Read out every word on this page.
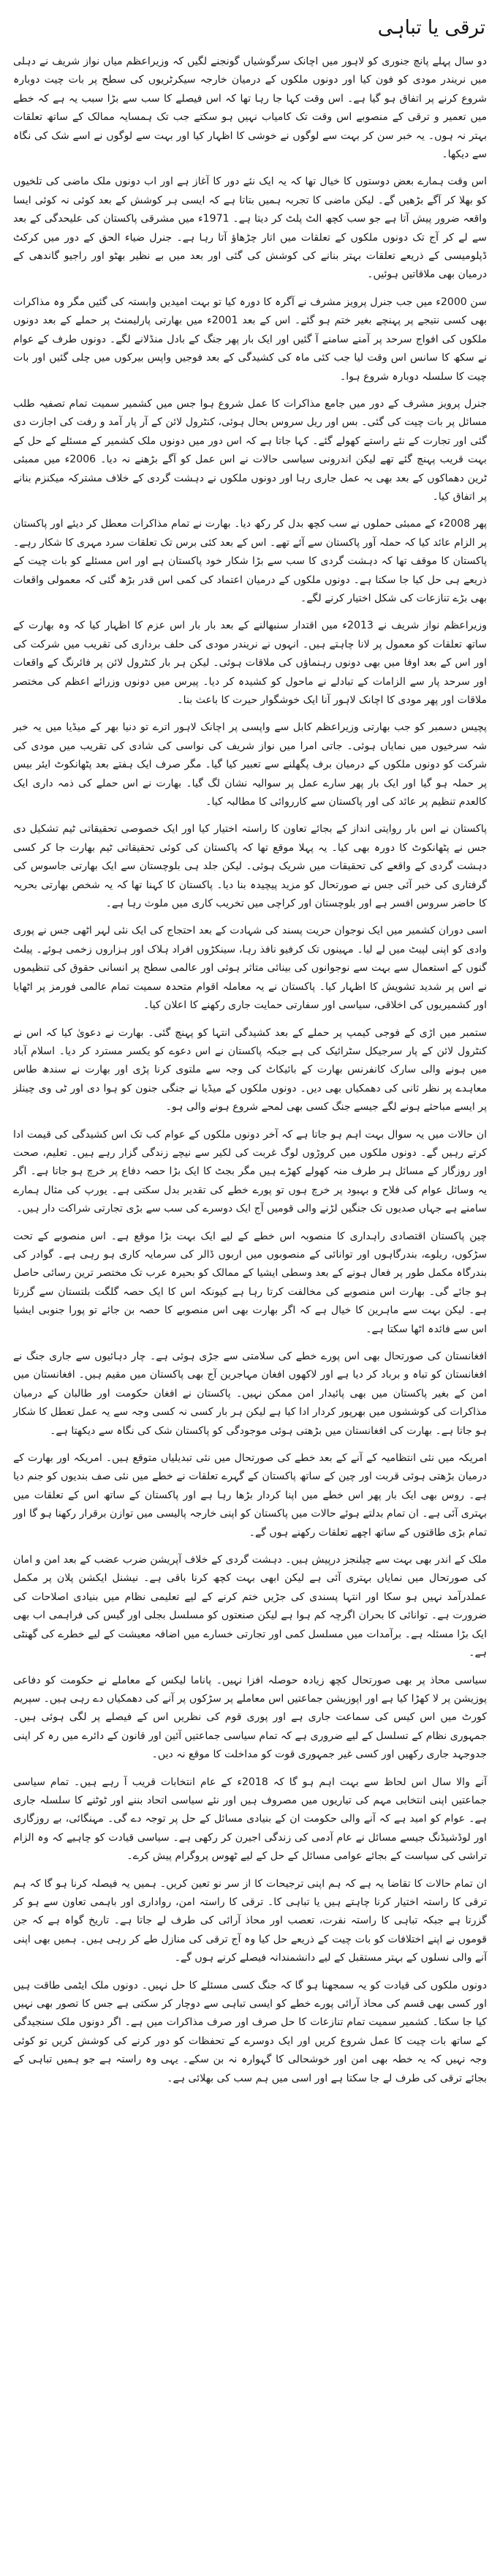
ترقی یا تباہی

دو سال پہلے پانچ جنوری کو لاہور میں اچانک سرگوشیاں گونجنے لگیں کہ وزیراعظم میاں نواز شریف نے دہلی میں نریندر مودی کو فون کیا اور دونوں ملکوں کے درمیان خارجہ سیکرٹریوں کی سطح پر بات چیت دوبارہ شروع کرنے پر اتفاق ہو گیا ہے۔ اس وقت کہا جا رہا تھا کہ اس فیصلے کا سب سے بڑا سبب یہ ہے کہ خطے میں تعمیر و ترقی کے منصوبے اس وقت تک کامیاب نہیں ہو سکتے جب تک ہمسایہ ممالک کے ساتھ تعلقات بہتر نہ ہوں۔ یہ خبر سن کر بہت سے لوگوں نے خوشی کا اظہار کیا اور بہت سے لوگوں نے اسے شک کی نگاہ سے دیکھا۔

اس وقت ہمارے بعض دوستوں کا خیال تھا کہ یہ ایک نئے دور کا آغاز ہے اور اب دونوں ملک ماضی کی تلخیوں کو بھلا کر آگے بڑھیں گے۔ لیکن ماضی کا تجربہ ہمیں بتاتا ہے کہ ایسی ہر کوشش کے بعد کوئی نہ کوئی ایسا واقعہ ضرور پیش آتا ہے جو سب کچھ الٹ پلٹ کر دیتا ہے۔ 1971ء میں مشرقی پاکستان کی علیحدگی کے بعد سے لے کر آج تک دونوں ملکوں کے تعلقات میں اتار چڑھاؤ آتا رہا ہے۔ جنرل ضیاء الحق کے دور میں کرکٹ ڈپلومیسی کے ذریعے تعلقات بہتر بنانے کی کوشش کی گئی اور بعد میں بے نظیر بھٹو اور راجیو گاندھی کے درمیان بھی ملاقاتیں ہوئیں۔

سن 2000ء میں جب جنرل پرویز مشرف نے آگرہ کا دورہ کیا تو بہت امیدیں وابستہ کی گئیں مگر وہ مذاکرات بھی کسی نتیجے پر پہنچے بغیر ختم ہو گئے۔ اس کے بعد 2001ء میں بھارتی پارلیمنٹ پر حملے کے بعد دونوں ملکوں کی افواج سرحد پر آمنے سامنے آ گئیں اور ایک بار پھر جنگ کے بادل منڈلانے لگے۔ دونوں طرف کے عوام نے سکھ کا سانس اس وقت لیا جب کئی ماہ کی کشیدگی کے بعد فوجیں واپس بیرکوں میں چلی گئیں اور بات چیت کا سلسلہ دوبارہ شروع ہوا۔

جنرل پرویز مشرف کے دور میں جامع مذاکرات کا عمل شروع ہوا جس میں کشمیر سمیت تمام تصفیہ طلب مسائل پر بات چیت کی گئی۔ بس اور ریل سروس بحال ہوئی، کنٹرول لائن کے آر پار آمد و رفت کی اجازت دی گئی اور تجارت کے نئے راستے کھولے گئے۔ کہا جاتا ہے کہ اس دور میں دونوں ملک کشمیر کے مسئلے کے حل کے بہت قریب پہنچ گئے تھے لیکن اندرونی سیاسی حالات نے اس عمل کو آگے بڑھنے نہ دیا۔ 2006ء میں ممبئی ٹرین دھماکوں کے بعد بھی یہ عمل جاری رہا اور دونوں ملکوں نے دہشت گردی کے خلاف مشترکہ میکنزم بنانے پر اتفاق کیا۔

پھر 2008ء کے ممبئی حملوں نے سب کچھ بدل کر رکھ دیا۔ بھارت نے تمام مذاکرات معطل کر دیئے اور پاکستان پر الزام عائد کیا کہ حملہ آور پاکستان سے آئے تھے۔ اس کے بعد کئی برس تک تعلقات سرد مہری کا شکار رہے۔ پاکستان کا موقف تھا کہ دہشت گردی کا سب سے بڑا شکار خود پاکستان ہے اور اس مسئلے کو بات چیت کے ذریعے ہی حل کیا جا سکتا ہے۔ دونوں ملکوں کے درمیان اعتماد کی کمی اس قدر بڑھ گئی کہ معمولی واقعات بھی بڑے تنازعات کی شکل اختیار کرنے لگے۔

وزیراعظم نواز شریف نے 2013ء میں اقتدار سنبھالنے کے بعد بار بار اس عزم کا اظہار کیا کہ وہ بھارت کے ساتھ تعلقات کو معمول پر لانا چاہتے ہیں۔ انہوں نے نریندر مودی کی حلف برداری کی تقریب میں شرکت کی اور اس کے بعد اوفا میں بھی دونوں رہنماؤں کی ملاقات ہوئی۔ لیکن ہر بار کنٹرول لائن پر فائرنگ کے واقعات اور سرحد پار سے الزامات کے تبادلے نے ماحول کو کشیدہ کر دیا۔ پیرس میں دونوں وزرائے اعظم کی مختصر ملاقات اور پھر مودی کا اچانک لاہور آنا ایک خوشگوار حیرت کا باعث بنا۔

پچیس دسمبر کو جب بھارتی وزیراعظم کابل سے واپسی پر اچانک لاہور اترے تو دنیا بھر کے میڈیا میں یہ خبر شہ سرخیوں میں نمایاں ہوئی۔ جاتی امرا میں نواز شریف کی نواسی کی شادی کی تقریب میں مودی کی شرکت کو دونوں ملکوں کے درمیان برف پگھلنے سے تعبیر کیا گیا۔ مگر صرف ایک ہفتے بعد پٹھانکوٹ ایئر بیس پر حملہ ہو گیا اور ایک بار پھر سارے عمل پر سوالیہ نشان لگ گیا۔ بھارت نے اس حملے کی ذمہ داری ایک کالعدم تنظیم پر عائد کی اور پاکستان سے کارروائی کا مطالبہ کیا۔

پاکستان نے اس بار روایتی انداز کے بجائے تعاون کا راستہ اختیار کیا اور ایک خصوصی تحقیقاتی ٹیم تشکیل دی جس نے پٹھانکوٹ کا دورہ بھی کیا۔ یہ پہلا موقع تھا کہ پاکستان کی کوئی تحقیقاتی ٹیم بھارت جا کر کسی دہشت گردی کے واقعے کی تحقیقات میں شریک ہوئی۔ لیکن جلد ہی بلوچستان سے ایک بھارتی جاسوس کی گرفتاری کی خبر آئی جس نے صورتحال کو مزید پیچیدہ بنا دیا۔ پاکستان کا کہنا تھا کہ یہ شخص بھارتی بحریہ کا حاضر سروس افسر ہے اور بلوچستان اور کراچی میں تخریب کاری میں ملوث رہا ہے۔

اسی دوران کشمیر میں ایک نوجوان حریت پسند کی شہادت کے بعد احتجاج کی ایک نئی لہر اٹھی جس نے پوری وادی کو اپنی لپیٹ میں لے لیا۔ مہینوں تک کرفیو نافذ رہا، سینکڑوں افراد ہلاک اور ہزاروں زخمی ہوئے۔ پیلٹ گنوں کے استعمال سے بہت سے نوجوانوں کی بینائی متاثر ہوئی اور عالمی سطح پر انسانی حقوق کی تنظیموں نے اس پر شدید تشویش کا اظہار کیا۔ پاکستان نے یہ معاملہ اقوام متحدہ سمیت تمام عالمی فورمز پر اٹھایا اور کشمیریوں کی اخلاقی، سیاسی اور سفارتی حمایت جاری رکھنے کا اعلان کیا۔

ستمبر میں اڑی کے فوجی کیمپ پر حملے کے بعد کشیدگی انتہا کو پہنچ گئی۔ بھارت نے دعویٰ کیا کہ اس نے کنٹرول لائن کے پار سرجیکل سٹرائیک کی ہے جبکہ پاکستان نے اس دعوے کو یکسر مسترد کر دیا۔ اسلام آباد میں ہونے والی سارک کانفرنس بھارت کے بائیکاٹ کی وجہ سے ملتوی کرنا پڑی اور بھارت نے سندھ طاس معاہدے پر نظر ثانی کی دھمکیاں بھی دیں۔ دونوں ملکوں کے میڈیا نے جنگی جنون کو ہوا دی اور ٹی وی چینلز پر ایسے مباحثے ہونے لگے جیسے جنگ کسی بھی لمحے شروع ہونے والی ہو۔

ان حالات میں یہ سوال بہت اہم ہو جاتا ہے کہ آخر دونوں ملکوں کے عوام کب تک اس کشیدگی کی قیمت ادا کرتے رہیں گے۔ دونوں ملکوں میں کروڑوں لوگ غربت کی لکیر سے نیچے زندگی گزار رہے ہیں۔ تعلیم، صحت اور روزگار کے مسائل ہر طرف منہ کھولے کھڑے ہیں مگر بجٹ کا ایک بڑا حصہ دفاع پر خرچ ہو جاتا ہے۔ اگر یہ وسائل عوام کی فلاح و بہبود پر خرچ ہوں تو پورے خطے کی تقدیر بدل سکتی ہے۔ یورپ کی مثال ہمارے سامنے ہے جہاں صدیوں تک جنگیں لڑنے والی قومیں آج ایک دوسرے کی سب سے بڑی تجارتی شراکت دار ہیں۔

چین پاکستان اقتصادی راہداری کا منصوبہ اس خطے کے لیے ایک بہت بڑا موقع ہے۔ اس منصوبے کے تحت سڑکوں، ریلوے، بندرگاہوں اور توانائی کے منصوبوں میں اربوں ڈالر کی سرمایہ کاری ہو رہی ہے۔ گوادر کی بندرگاہ مکمل طور پر فعال ہونے کے بعد وسطی ایشیا کے ممالک کو بحیرہ عرب تک مختصر ترین رسائی حاصل ہو جائے گی۔ بھارت اس منصوبے کی مخالفت کرتا رہا ہے کیونکہ اس کا ایک حصہ گلگت بلتستان سے گزرتا ہے۔ لیکن بہت سے ماہرین کا خیال ہے کہ اگر بھارت بھی اس منصوبے کا حصہ بن جائے تو پورا جنوبی ایشیا اس سے فائدہ اٹھا سکتا ہے۔

افغانستان کی صورتحال بھی اس پورے خطے کی سلامتی سے جڑی ہوئی ہے۔ چار دہائیوں سے جاری جنگ نے افغانستان کو تباہ و برباد کر دیا ہے اور لاکھوں افغان مہاجرین آج بھی پاکستان میں مقیم ہیں۔ افغانستان میں امن کے بغیر پاکستان میں بھی پائیدار امن ممکن نہیں۔ پاکستان نے افغان حکومت اور طالبان کے درمیان مذاکرات کی کوششوں میں بھرپور کردار ادا کیا ہے لیکن ہر بار کسی نہ کسی وجہ سے یہ عمل تعطل کا شکار ہو جاتا ہے۔ بھارت کی افغانستان میں بڑھتی ہوئی موجودگی کو پاکستان شک کی نگاہ سے دیکھتا ہے۔

امریکہ میں نئی انتظامیہ کے آنے کے بعد خطے کی صورتحال میں نئی تبدیلیاں متوقع ہیں۔ امریکہ اور بھارت کے درمیان بڑھتی ہوئی قربت اور چین کے ساتھ پاکستان کے گہرے تعلقات نے خطے میں نئی صف بندیوں کو جنم دیا ہے۔ روس بھی ایک بار پھر اس خطے میں اپنا کردار بڑھا رہا ہے اور پاکستان کے ساتھ اس کے تعلقات میں بہتری آئی ہے۔ ان تمام بدلتے ہوئے حالات میں پاکستان کو اپنی خارجہ پالیسی میں توازن برقرار رکھنا ہو گا اور تمام بڑی طاقتوں کے ساتھ اچھے تعلقات رکھنے ہوں گے۔

ملک کے اندر بھی بہت سے چیلنجز درپیش ہیں۔ دہشت گردی کے خلاف آپریشن ضرب عضب کے بعد امن و امان کی صورتحال میں نمایاں بہتری آئی ہے لیکن ابھی بہت کچھ کرنا باقی ہے۔ نیشنل ایکشن پلان پر مکمل عملدرآمد نہیں ہو سکا اور انتہا پسندی کی جڑیں ختم کرنے کے لیے تعلیمی نظام میں بنیادی اصلاحات کی ضرورت ہے۔ توانائی کا بحران اگرچہ کم ہوا ہے لیکن صنعتوں کو مسلسل بجلی اور گیس کی فراہمی اب بھی ایک بڑا مسئلہ ہے۔ برآمدات میں مسلسل کمی اور تجارتی خسارے میں اضافہ معیشت کے لیے خطرے کی گھنٹی ہے۔

سیاسی محاذ پر بھی صورتحال کچھ زیادہ حوصلہ افزا نہیں۔ پاناما لیکس کے معاملے نے حکومت کو دفاعی پوزیشن پر لا کھڑا کیا ہے اور اپوزیشن جماعتیں اس معاملے پر سڑکوں پر آنے کی دھمکیاں دے رہی ہیں۔ سپریم کورٹ میں اس کیس کی سماعت جاری ہے اور پوری قوم کی نظریں اس کے فیصلے پر لگی ہوئی ہیں۔ جمہوری نظام کے تسلسل کے لیے ضروری ہے کہ تمام سیاسی جماعتیں آئین اور قانون کے دائرے میں رہ کر اپنی جدوجہد جاری رکھیں اور کسی غیر جمہوری قوت کو مداخلت کا موقع نہ دیں۔

آنے والا سال اس لحاظ سے بہت اہم ہو گا کہ 2018ء کے عام انتخابات قریب آ رہے ہیں۔ تمام سیاسی جماعتیں اپنی انتخابی مہم کی تیاریوں میں مصروف ہیں اور نئے سیاسی اتحاد بننے اور ٹوٹنے کا سلسلہ جاری ہے۔ عوام کو امید ہے کہ آنے والی حکومت ان کے بنیادی مسائل کے حل پر توجہ دے گی۔ مہنگائی، بے روزگاری اور لوڈشیڈنگ جیسے مسائل نے عام آدمی کی زندگی اجیرن کر رکھی ہے۔ سیاسی قیادت کو چاہیے کہ وہ الزام تراشی کی سیاست کے بجائے عوامی مسائل کے حل کے لیے ٹھوس پروگرام پیش کرے۔

ان تمام حالات کا تقاضا یہ ہے کہ ہم اپنی ترجیحات کا از سر نو تعین کریں۔ ہمیں یہ فیصلہ کرنا ہو گا کہ ہم ترقی کا راستہ اختیار کرنا چاہتے ہیں یا تباہی کا۔ ترقی کا راستہ امن، رواداری اور باہمی تعاون سے ہو کر گزرتا ہے جبکہ تباہی کا راستہ نفرت، تعصب اور محاذ آرائی کی طرف لے جاتا ہے۔ تاریخ گواہ ہے کہ جن قوموں نے اپنے اختلافات کو بات چیت کے ذریعے حل کیا وہ آج ترقی کی منازل طے کر رہی ہیں۔ ہمیں بھی اپنی آنے والی نسلوں کے بہتر مستقبل کے لیے دانشمندانہ فیصلے کرنے ہوں گے۔

دونوں ملکوں کی قیادت کو یہ سمجھنا ہو گا کہ جنگ کسی مسئلے کا حل نہیں۔ دونوں ملک ایٹمی طاقت ہیں اور کسی بھی قسم کی محاذ آرائی پورے خطے کو ایسی تباہی سے دوچار کر سکتی ہے جس کا تصور بھی نہیں کیا جا سکتا۔ کشمیر سمیت تمام تنازعات کا حل صرف اور صرف مذاکرات میں ہے۔ اگر دونوں ملک سنجیدگی کے ساتھ بات چیت کا عمل شروع کریں اور ایک دوسرے کے تحفظات کو دور کرنے کی کوشش کریں تو کوئی وجہ نہیں کہ یہ خطہ بھی امن اور خوشحالی کا گہوارہ نہ بن سکے۔ یہی وہ راستہ ہے جو ہمیں تباہی کے بجائے ترقی کی طرف لے جا سکتا ہے اور اسی میں ہم سب کی بھلائی ہے۔
